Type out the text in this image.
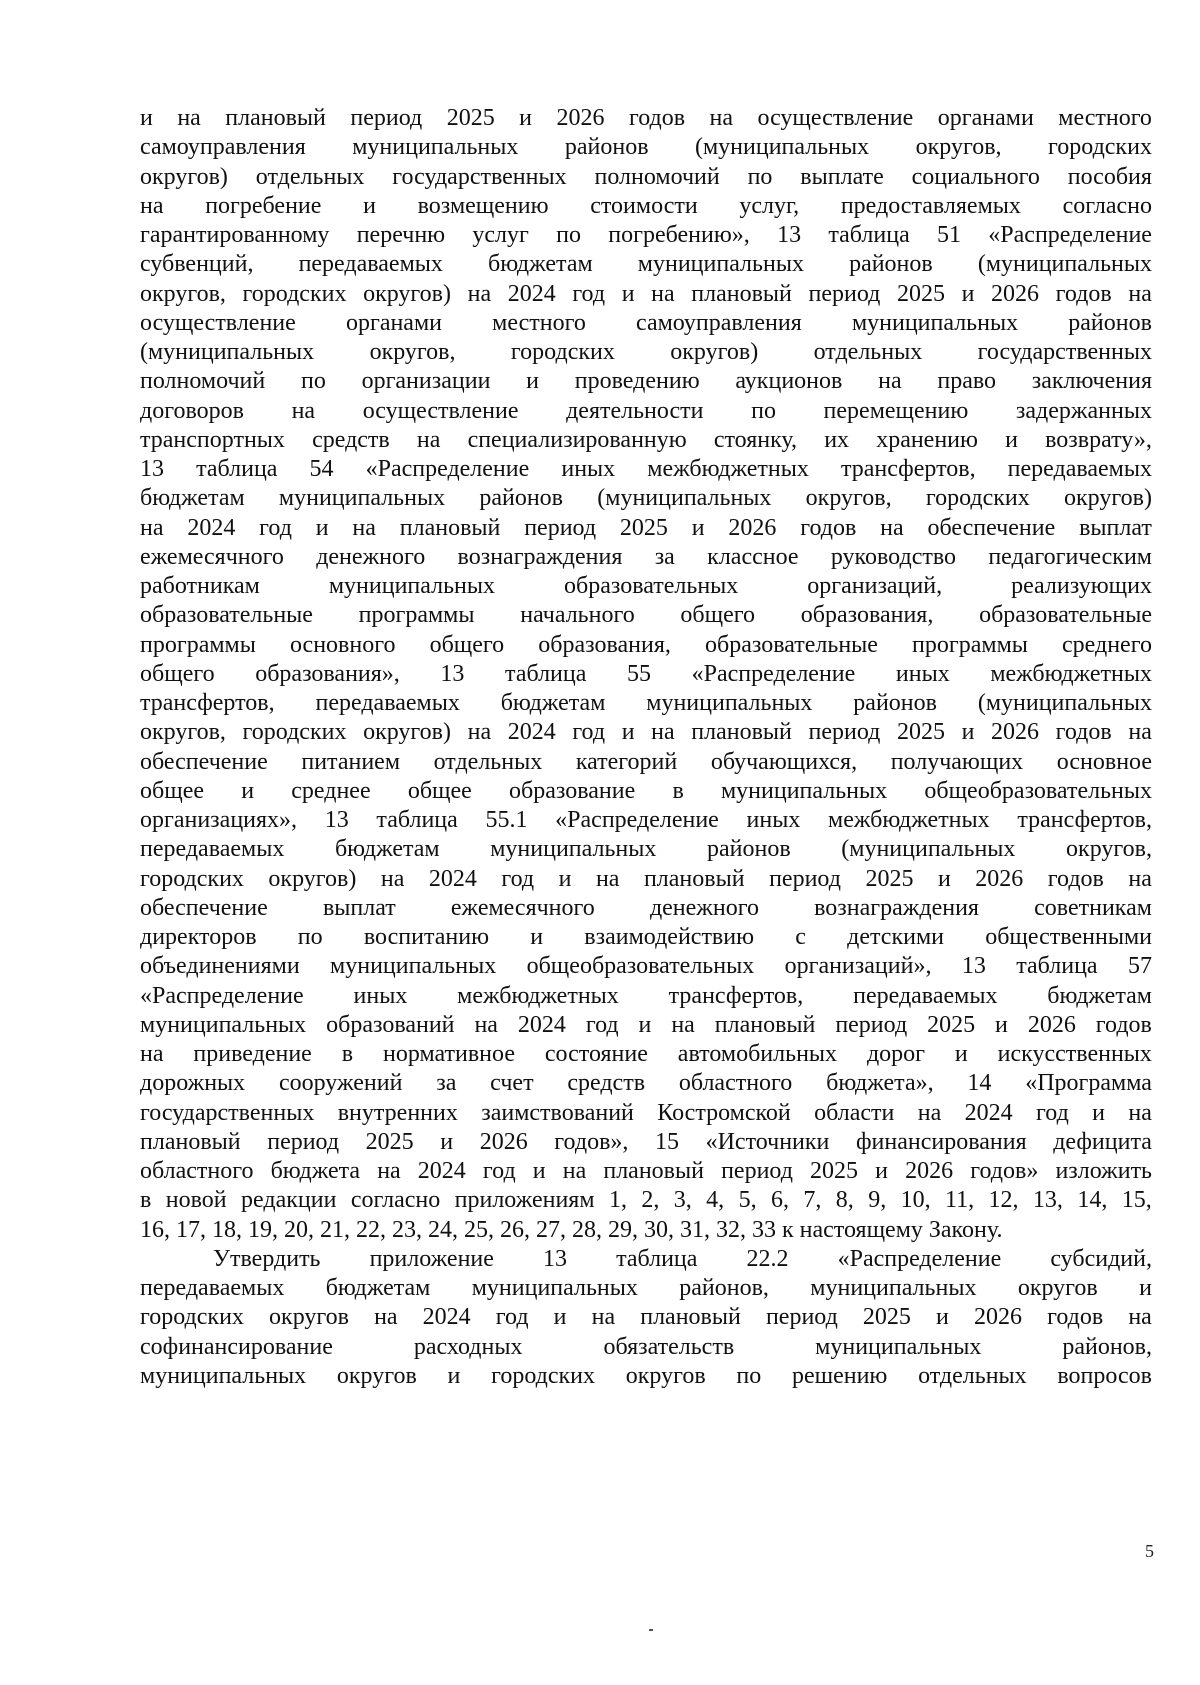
и на плановый период 2025 и 2026 годов на осуществление органами местного
самоуправления муниципальных районов (муниципальных округов, городских
округов) отдельных государственных полномочий по выплате социального пособия
на погребение и возмещению стоимости услуг, предоставляемых согласно
гарантированному перечню услуг по погребению», 13 таблица 51 «Распределение
субвенций, передаваемых бюджетам муниципальных районов (муниципальных
округов, городских округов) на 2024 год и на плановый период 2025 и 2026 годов на
осуществление органами местного самоуправления муниципальных районов
(муниципальных округов, городских округов) отдельных государственных
полномочий по организации и проведению аукционов на право заключения
договоров на осуществление деятельности по перемещению задержанных
транспортных средств на специализированную стоянку, их хранению и возврату»,
13 таблица 54 «Распределение иных межбюджетных трансфертов, передаваемых
бюджетам муниципальных районов (муниципальных округов, городских округов)
на 2024 год и на плановый период 2025 и 2026 годов на обеспечение выплат
ежемесячного денежного вознаграждения за классное руководство педагогическим
работникам	муниципальных	образовательных	организаций,	реализующих
образовательные программы начального общего образования, образовательные
программы основного общего образования, образовательные программы среднего
общего образования», 13 таблица 55 «Распределение иных межбюджетных
трансфертов, передаваемых бюджетам муниципальных районов (муниципальных
округов, городских округов) на 2024 год и на плановый период 2025 и 2026 годов на
обеспечение питанием отдельных категорий обучающихся, получающих основное
общее и среднее общее образование в муниципальных общеобразовательных
организациях», 13 таблица 55.1 «Распределение иных межбюджетных трансфертов,
передаваемых бюджетам муниципальных районов (муниципальных округов,
городских округов) на 2024 год и на плановый период 2025 и 2026 годов на
обеспечение выплат ежемесячного денежного вознаграждения советникам
директоров по воспитанию и взаимодействию с детскими общественными
объединениями муниципальных общеобразовательных организаций», 13 таблица 57
«Распределение иных межбюджетных трансфертов, передаваемых бюджетам
муниципальных образований на 2024 год и на плановый период 2025 и 2026 годов
на приведение в нормативное состояние автомобильных дорог и искусственных
дорожных сооружений за счет средств областного бюджета», 14 «Программа
государственных внутренних заимствований Костромской области на 2024 год и на
плановый период 2025 и 2026 годов», 15 «Источники финансирования дефицита
областного бюджета на 2024 год и на плановый период 2025 и 2026 годов» изложить
в новой редакции согласно приложениям 1, 2, 3, 4, 5, 6, 7, 8, 9, 10, 11, 12, 13, 14, 15,
16, 17, 18, 19, 20, 21, 22, 23, 24, 25, 26, 27, 28, 29, 30, 31, 32, 33 к настоящему Закону.
Утвердить приложение 13 таблица 22.2 «Распределение субсидий,
передаваемых бюджетам муниципальных районов, муниципальных округов и
городских округов на 2024 год и на плановый период 2025 и 2026 годов на
софинансирование	расходных	обязательств	муниципальных	районов,
муниципальных округов и городских округов по решению отдельных вопросов
5
